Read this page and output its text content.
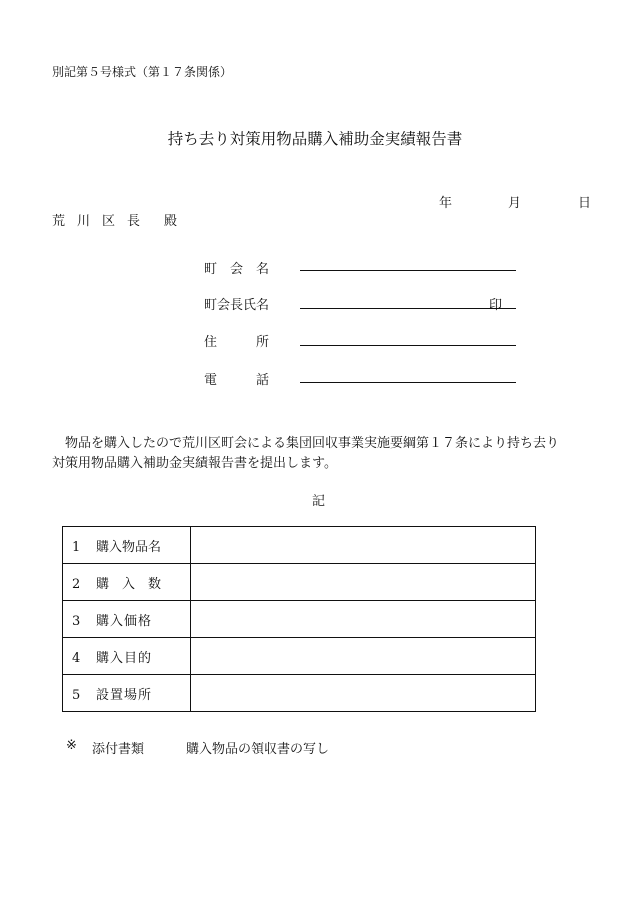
別記第５号様式（第１７条関係）
持ち去り対策用物品購入補助金実績報告書
年	月	日
荒 川 区 長 殿
町　会　名
町会長氏名	印
住　　　所
電　　　話
物品を購入したので荒川区町会による集団回収事業実施要綱第１７条により持ち去り
対策用物品購入補助金実績報告書を提出します。
記
1 購入物品名	
2 購　入　数	
3 購入価格	
4 購入目的	
5 設置場所	
※ 添付書類	購入物品の領収書の写し
